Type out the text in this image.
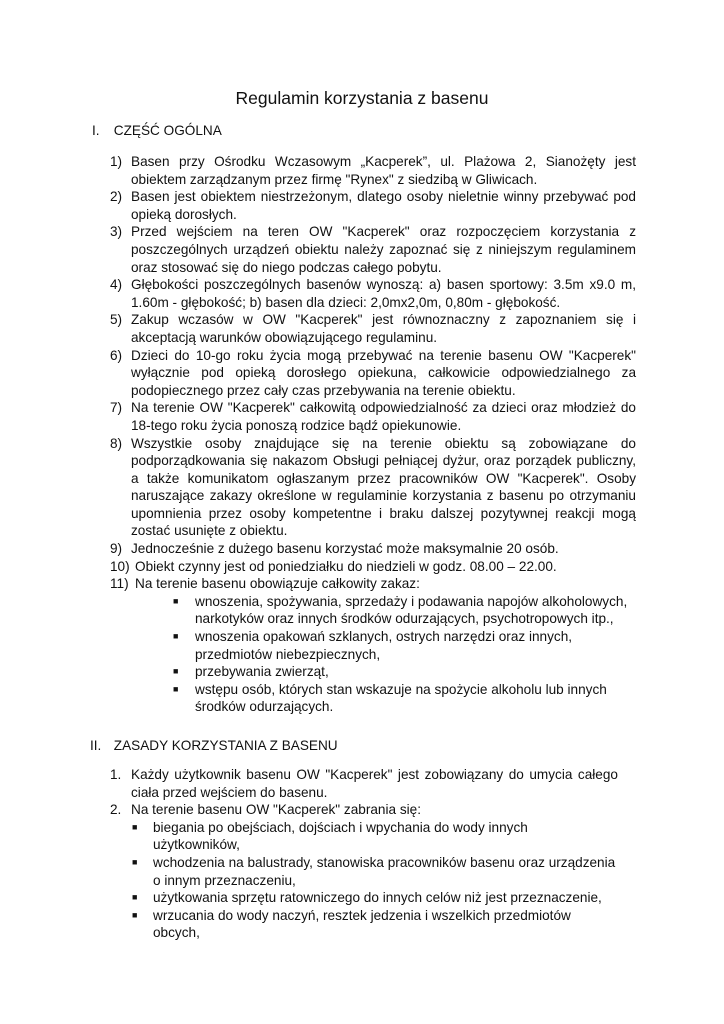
Regulamin korzystania z basenu
I. CZĘŚĆ OGÓLNA
1) Basen przy Ośrodku Wczasowym „Kacperek”, ul. Plażowa 2, Sianożęty jest obiektem zarządzanym przez firmę "Rynex" z siedzibą w Gliwicach.
2) Basen jest obiektem niestrzeżonym, dlatego osoby nieletnie winny przebywać pod opieką dorosłych.
3) Przed wejściem na teren OW "Kacperek" oraz rozpoczęciem korzystania z poszczególnych urządzeń obiektu należy zapoznać się z niniejszym regulaminem oraz stosować się do niego podczas całego pobytu.
4) Głębokości poszczególnych basenów wynoszą: a) basen sportowy: 3.5m x9.0 m, 1.60m - głębokość; b) basen dla dzieci: 2,0mx2,0m, 0,80m - głębokość.
5) Zakup wczasów w OW "Kacperek" jest równoznaczny z zapoznaniem się i akceptacją warunków obowiązującego regulaminu.
6) Dzieci do 10-go roku życia mogą przebywać na terenie basenu OW "Kacperek" wyłącznie pod opieką dorosłego opiekuna, całkowicie odpowiedzialnego za podopiecznego przez cały czas przebywania na terenie obiektu.
7) Na terenie OW "Kacperek" całkowitą odpowiedzialność za dzieci oraz młodzież do 18-tego roku życia ponoszą rodzice bądź opiekunowie.
8) Wszystkie osoby znajdujące się na terenie obiektu są zobowiązane do podporządkowania się nakazom Obsługi pełniącej dyżur, oraz porządek publiczny, a także komunikatom ogłaszanym przez pracowników OW "Kacperek". Osoby naruszające zakazy określone w regulaminie korzystania z basenu po otrzymaniu upomnienia przez osoby kompetentne i braku dalszej pozytywnej reakcji mogą zostać usunięte z obiektu.
9) Jednocześnie z dużego basenu korzystać może maksymalnie 20 osób.
10) Obiekt czynny jest od poniedziałku do niedzieli w godz. 08.00 – 22.00.
11) Na terenie basenu obowiązuje całkowity zakaz:
■ wnoszenia, spożywania, sprzedaży i podawania napojów alkoholowych, narkotyków oraz innych środków odurzających, psychotropowych itp.,
■ wnoszenia opakowań szklanych, ostrych narzędzi oraz innych, przedmiotów niebezpiecznych,
■ przebywania zwierząt,
■ wstępu osób, których stan wskazuje na spożycie alkoholu lub innych środków odurzających.
II. ZASADY KORZYSTANIA Z BASENU
1. Każdy użytkownik basenu OW "Kacperek" jest zobowiązany do umycia całego ciała przed wejściem do basenu.
2. Na terenie basenu OW "Kacperek" zabrania się:
■ biegania po obejściach, dojściach i wpychania do wody innych użytkowników,
■ wchodzenia na balustrady, stanowiska pracowników basenu oraz urządzenia o innym przeznaczeniu,
■ użytkowania sprzętu ratowniczego do innych celów niż jest przeznaczenie,
■ wrzucania do wody naczyń, resztek jedzenia i wszelkich przedmiotów obcych,
